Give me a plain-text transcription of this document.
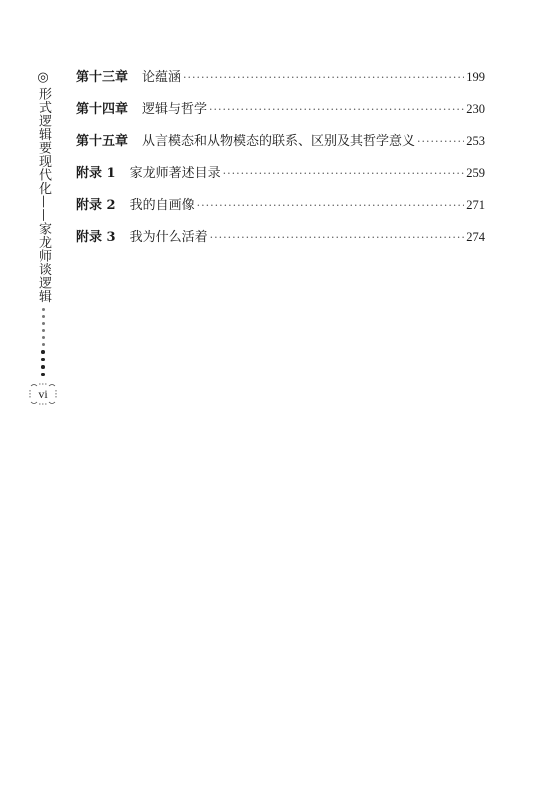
◎
形式逻辑要现代化——家龙师谈逻辑
vi
第十三章 论蕴涵 ·····	199
第十四章 逻辑与哲学 ·····	230
第十五章 从言模态和从物模态的联系、区别及其哲学意义 ·····	253
附录 1 家龙师著述目录 ·····	259
附录 2 我的自画像 ·····	271
附录 3 我为什么活着 ·····	274
